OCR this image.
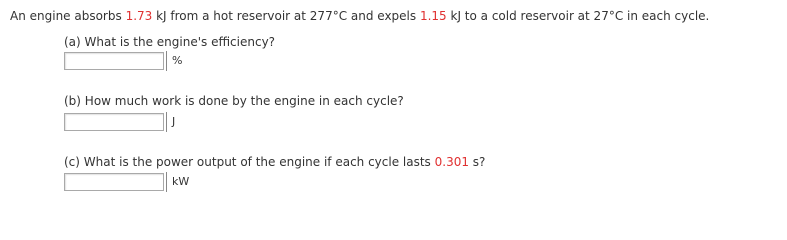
An engine absorbs 1.73 kJ from a hot reservoir at 277°C and expels 1.15 kJ to a cold reservoir at 27°C in each cycle.
(a) What is the engine's efficiency?
%
(b) How much work is done by the engine in each cycle?
J
(c) What is the power output of the engine if each cycle lasts 0.301 s?
kW
